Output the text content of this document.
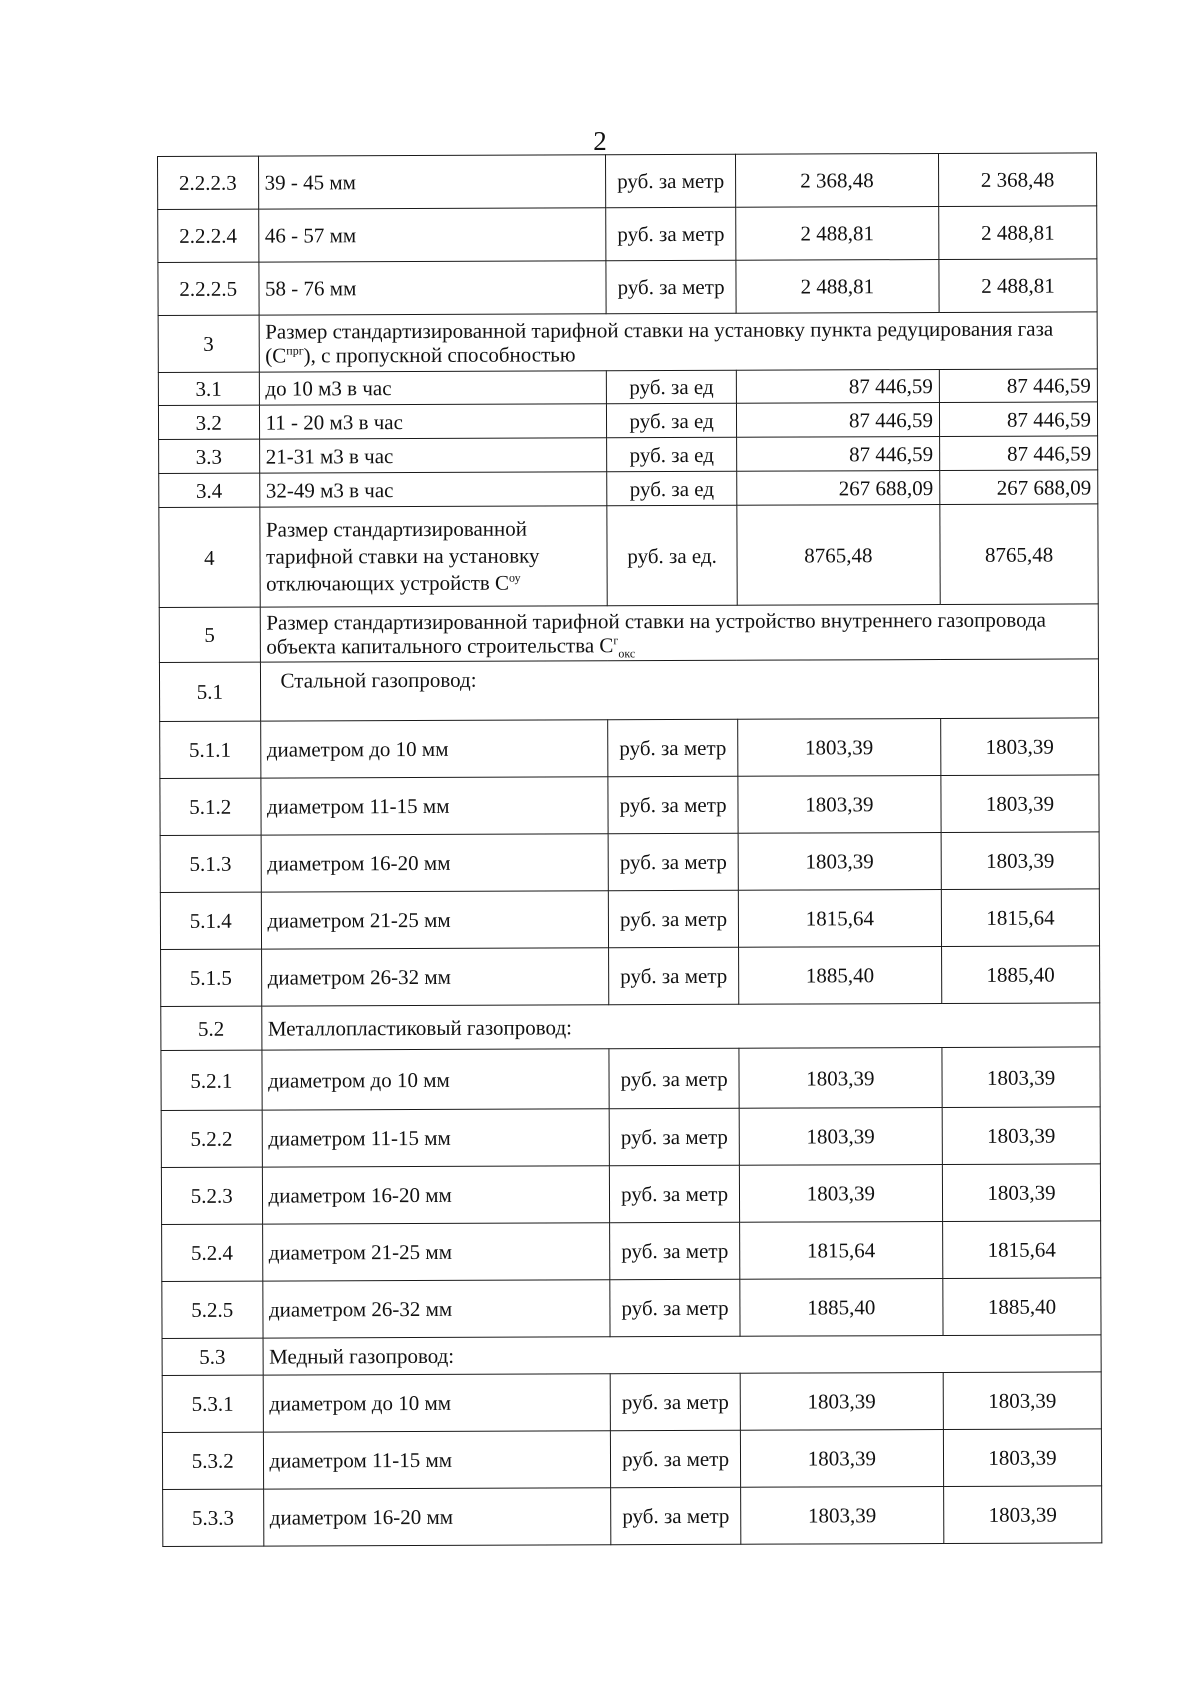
2
2.2.2.3	39 - 45 мм	руб. за метр	2 368,48	2 368,48
2.2.2.4	46 - 57 мм	руб. за метр	2 488,81	2 488,81
2.2.2.5	58 - 76 мм	руб. за метр	2 488,81	2 488,81
3	Размер стандартизированной тарифной ставки на установку пункта редуцирования газа $(С^{прг})$, с пропускной способностью			
3.1	до 10 м3 в час	руб. за ед	87 446,59	87 446,59
3.2	11 - 20 м3 в час	руб. за ед	87 446,59	87 446,59
3.3	21-31 м3 в час	руб. за ед	87 446,59	87 446,59
3.4	32-49 м3 в час	руб. за ед	267 688,09	267 688,09
4	Размер стандартизированной тарифной ставки на установку отключающих устройств $С^{оу}$	руб. за ед.	8765,48	8765,48
5	Размер стандартизированной тарифной ставки на устройство внутреннего газопровода объекта капитального строительства $С^г_{окс}$
5.1	Стальной газопровод:			
5.1.1	диаметром до 10 мм	руб. за метр	1803,39	1803,39
5.1.2	диаметром 11-15 мм	руб. за метр	1803,39	1803,39
5.1.3	диаметром 16-20 мм	руб. за метр	1803,39	1803,39
5.1.4	диаметром 21-25 мм	руб. за метр	1815,64	1815,64
5.1.5	диаметром 26-32 мм	руб. за метр	1885,40	1885,40
5.2	Металлопластиковый газопровод:			
5.2.1	диаметром до 10 мм	руб. за метр	1803,39	1803,39
5.2.2	диаметром 11-15 мм	руб. за метр	1803,39	1803,39
5.2.3	диаметром 16-20 мм	руб. за метр	1803,39	1803,39
5.2.4	диаметром 21-25 мм	руб. за метр	1815,64	1815,64
5.2.5	диаметром 26-32 мм	руб. за метр	1885,40	1885,40
5.3	Медный газопровод:			
5.3.1	диаметром до 10 мм	руб. за метр	1803,39	1803,39
5.3.2	диаметром 11-15 мм	руб. за метр	1803,39	1803,39
5.3.3	диаметром 16-20 мм	руб. за метр	1803,39	1803,39
